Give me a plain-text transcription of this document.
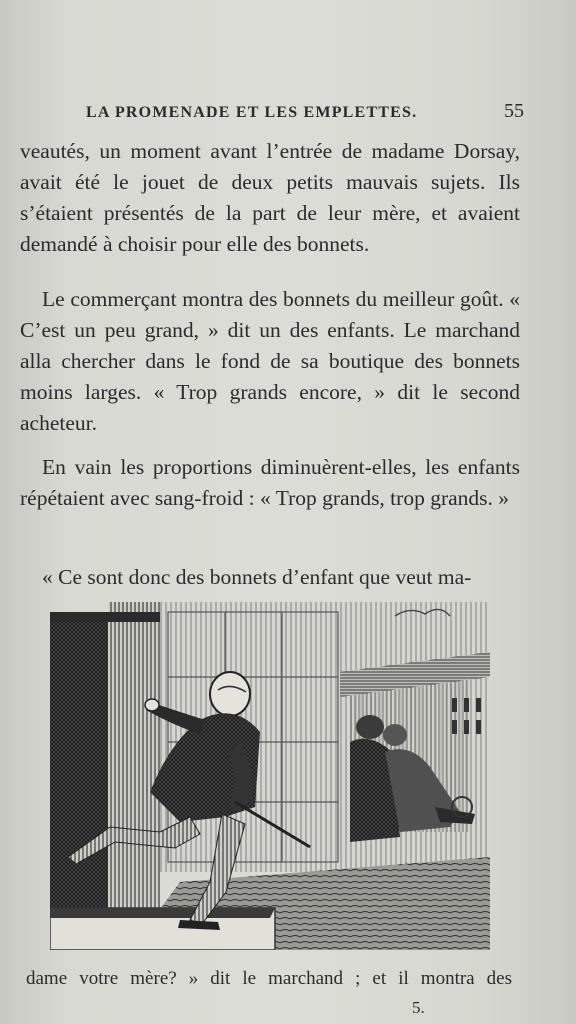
LA PROMENADE ET LES EMPLETTES.	55

veautés, un moment avant l’entrée de madame Dorsay, avait été le jouet de deux petits mauvais sujets. Ils s’étaient présentés de la part de leur mère, et avaient demandé à choisir pour elle des bonnets.

Le commerçant montra des bonnets du meilleur goût. « C’est un peu grand, » dit un des enfants. Le marchand alla chercher dans le fond de sa boutique des bonnets moins larges. « Trop grands encore, » dit le second acheteur.

En vain les proportions diminuèrent-elles, les enfants répétaient avec sang-froid : « Trop grands, trop grands. »

« Ce sont donc des bonnets d’enfant que veut ma-

dame votre mère? » dit le marchand ; et il montra des
5.
